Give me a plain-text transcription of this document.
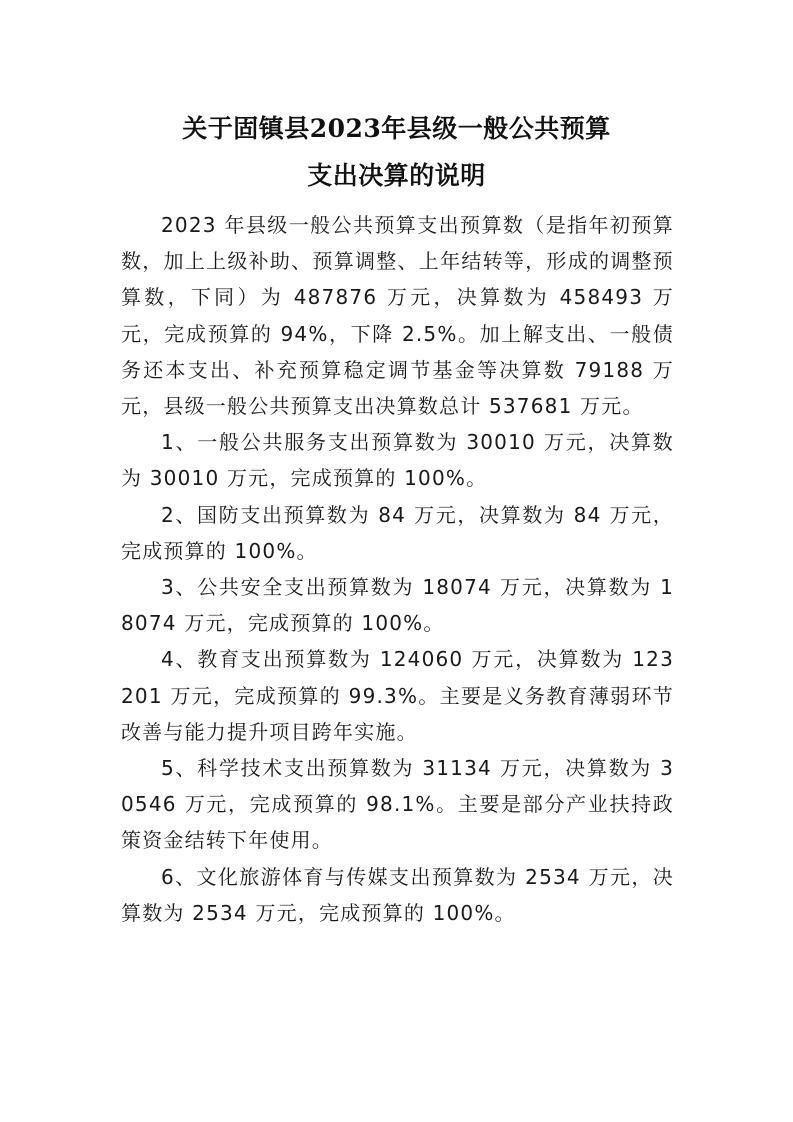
关于固镇县2023年县级一般公共预算
支出决算的说明

2023 年县级一般公共预算支出预算数（是指年初预算数，加上上级补助、预算调整、上年结转等，形成的调整预算数，下同）为 487876 万元，决算数为 458493 万元，完成预算的 94%，下降 2.5%。加上解支出、一般债务还本支出、补充预算稳定调节基金等决算数 79188 万元，县级一般公共预算支出决算数总计 537681 万元。

1、一般公共服务支出预算数为 30010 万元，决算数为 30010 万元，完成预算的 100%。

2、国防支出预算数为 84 万元，决算数为 84 万元，完成预算的 100%。

3、公共安全支出预算数为 18074 万元，决算数为 18074 万元，完成预算的 100%。

4、教育支出预算数为 124060 万元，决算数为 123201 万元，完成预算的 99.3%。主要是义务教育薄弱环节改善与能力提升项目跨年实施。

5、科学技术支出预算数为 31134 万元，决算数为 30546 万元，完成预算的 98.1%。主要是部分产业扶持政策资金结转下年使用。

6、文化旅游体育与传媒支出预算数为 2534 万元，决算数为 2534 万元，完成预算的 100%。
